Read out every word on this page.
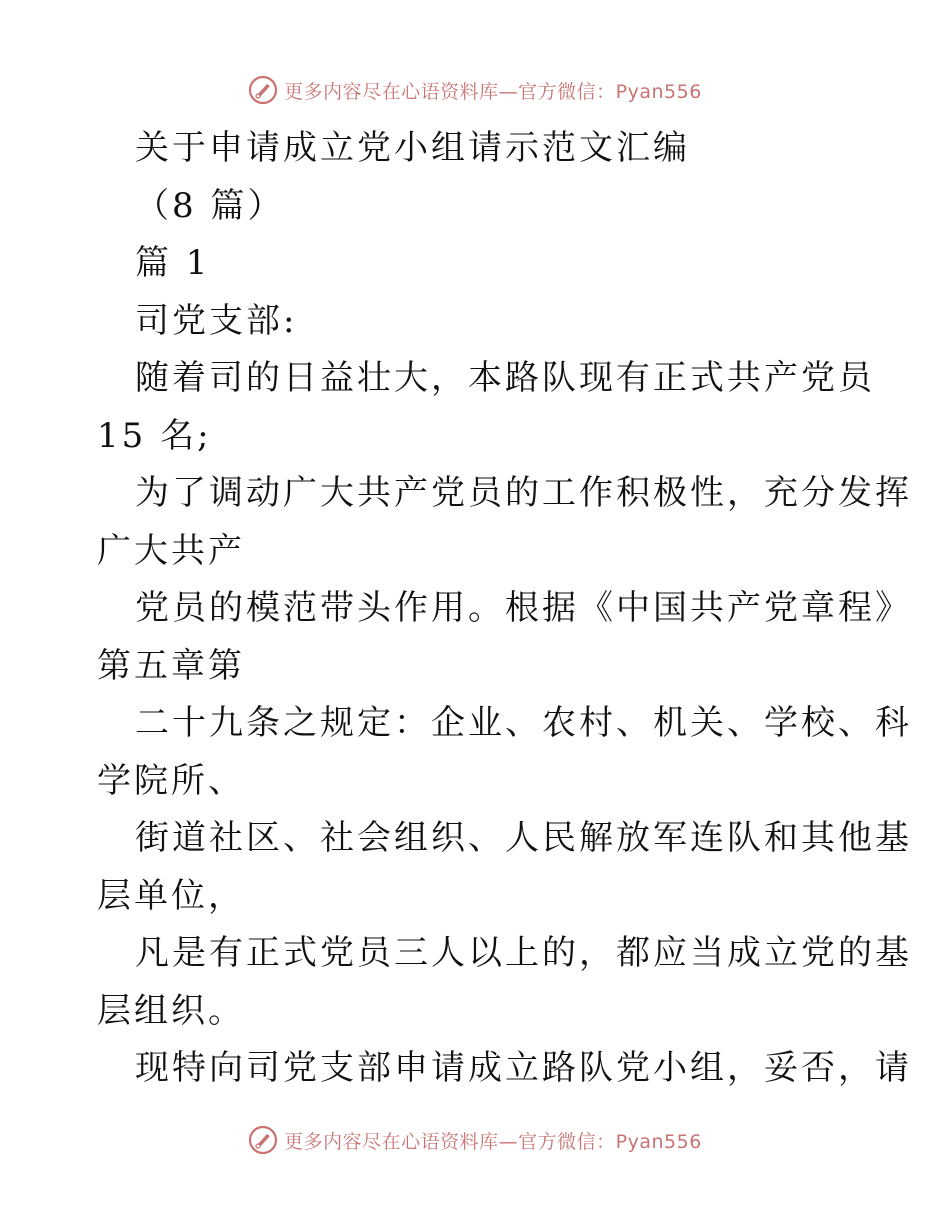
更多内容尽在心语资料库—官方微信：Pyan556
关于申请成立党小组请示范文汇编
（8 篇）
篇 1
司党支部:
随着司的日益壮大，本路队现有正式共产党员
15 名;
为了调动广大共产党员的工作积极性，充分发挥
广大共产
党员的模范带头作用。根据《中国共产党章程》
第五章第
二十九条之规定：企业、农村、机关、学校、科
学院所、
街道社区、社会组织、人民解放军连队和其他基
层单位，
凡是有正式党员三人以上的，都应当成立党的基
层组织。
现特向司党支部申请成立路队党小组，妥否，请
更多内容尽在心语资料库—官方微信：Pyan556
